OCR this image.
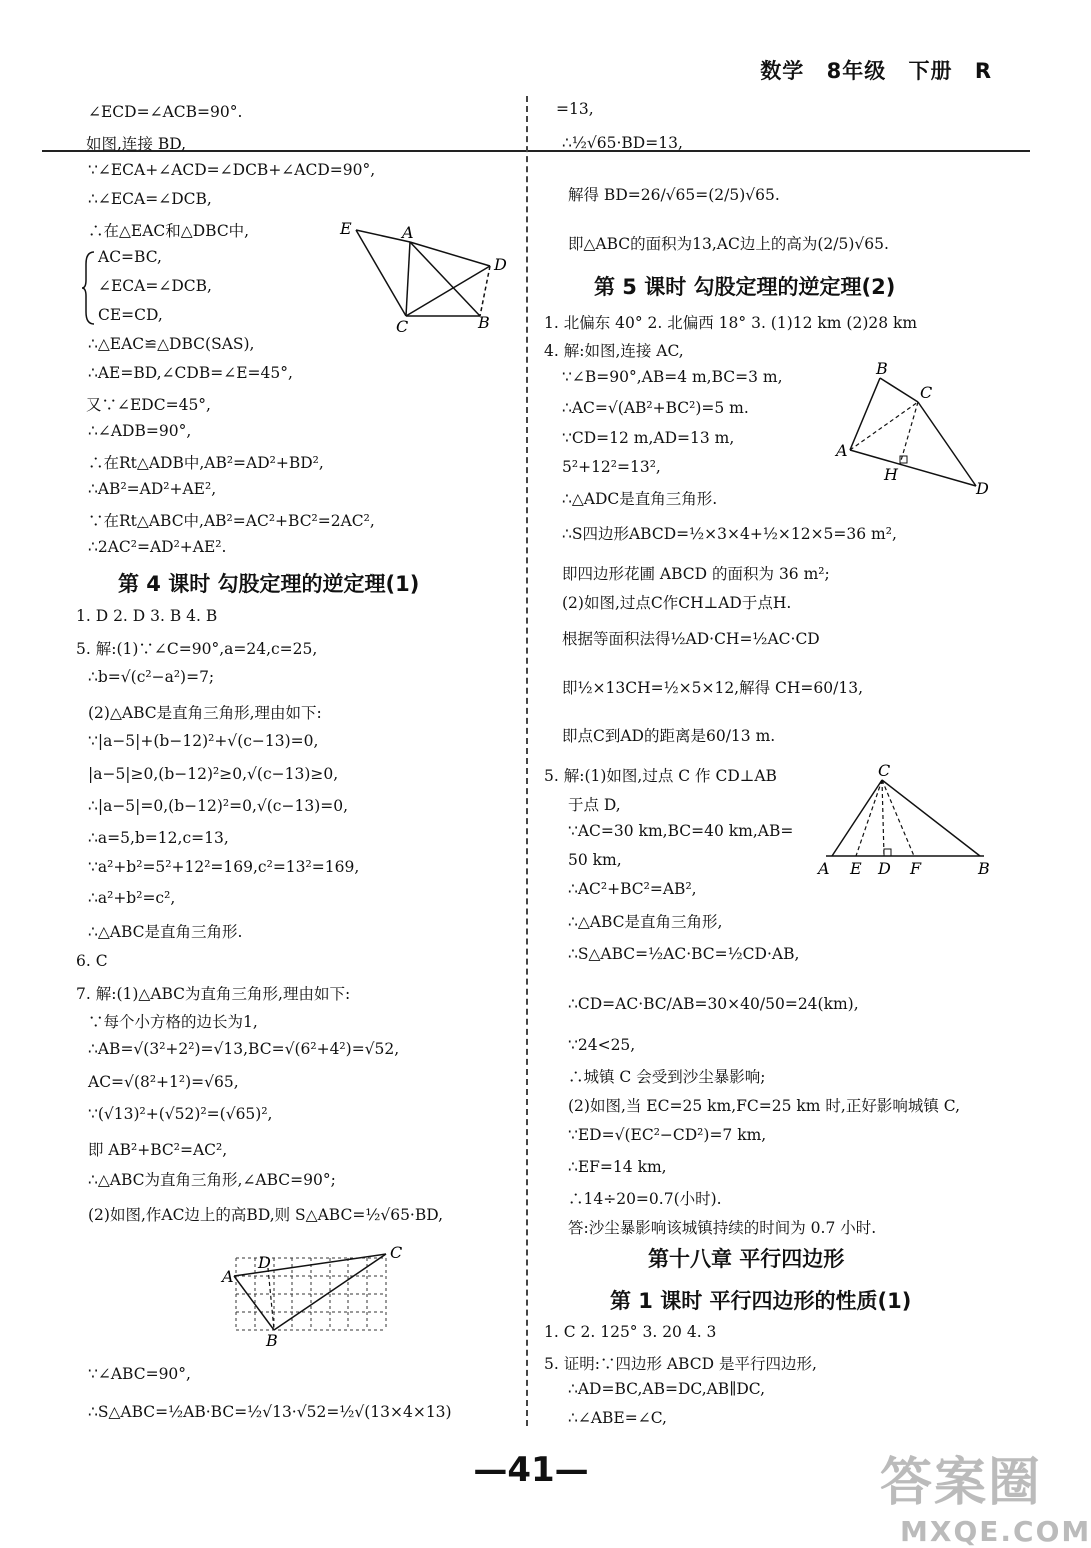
数学 8年级 下册 R
∠ECD=∠ACB=90°.
如图,连接 BD,
∵∠ECA+∠ACD=∠DCB+∠ACD=90°,
∴∠ECA=∠DCB,
∴在△EAC和△DBC中,
AC=BC,
∠ECA=∠DCB,
CE=CD,
∴△EAC≌△DBC(SAS),
∴AE=BD,∠CDB=∠E=45°,
又∵∠EDC=45°,
∴∠ADB=90°,
∴在Rt△ADB中,AB²=AD²+BD²,
∴AB²=AD²+AE²,
∵在Rt△ABC中,AB²=AC²+BC²=2AC²,
∴2AC²=AD²+AE².
第 4 课时 勾股定理的逆定理(1)
1. D 2. D 3. B 4. B
5. 解:(1)∵∠C=90°,a=24,c=25,
∴b=√(c²−a²)=7;
(2)△ABC是直角三角形,理由如下:
∵|a−5|+(b−12)²+√(c−13)=0,
|a−5|≥0,(b−12)²≥0,√(c−13)≥0,
∴|a−5|=0,(b−12)²=0,√(c−13)=0,
∴a=5,b=12,c=13,
∵a²+b²=5²+12²=169,c²=13²=169,
∴a²+b²=c²,
∴△ABC是直角三角形.
6. C
7. 解:(1)△ABC为直角三角形,理由如下:
∵每个小方格的边长为1,
∴AB=√(3²+2²)=√13,BC=√(6²+4²)=√52,
AC=√(8²+1²)=√65,
∵(√13)²+(√52)²=(√65)²,
即 AB²+BC²=AC²,
∴△ABC为直角三角形,∠ABC=90°;
(2)如图,作AC边上的高BD,则 S△ABC=½√65·BD,
∵∠ABC=90°,
∴S△ABC=½AB·BC=½√13·√52=½√(13×4×13)
E	A
D
C	B
A
D
C
B
=13,
∴½√65·BD=13,
解得 BD=26/√65=(2/5)√65.
即△ABC的面积为13,AC边上的高为(2/5)√65.
第 5 课时 勾股定理的逆定理(2)
1. 北偏东 40° 2. 北偏西 18° 3. (1)12 km (2)28 km
4. 解:如图,连接 AC,
∵∠B=90°,AB=4 m,BC=3 m,
∴AC=√(AB²+BC²)=5 m.
∵CD=12 m,AD=13 m,
5²+12²=13²,
∴△ADC是直角三角形.
∴S四边形ABCD=½×3×4+½×12×5=36 m²,
即四边形花圃 ABCD 的面积为 36 m²;
(2)如图,过点C作CH⊥AD于点H.
根据等面积法得½AD·CH=½AC·CD
即½×13CH=½×5×12,解得 CH=60/13,
即点C到AD的距离是60/13 m.
5. 解:(1)如图,过点 C 作 CD⊥AB
于点 D,
∵AC=30 km,BC=40 km,AB=
50 km,
∴AC²+BC²=AB²,
∴△ABC是直角三角形,
∴S△ABC=½AC·BC=½CD·AB,
∴CD=AC·BC/AB=30×40/50=24(km),
∵24<25,
∴城镇 C 会受到沙尘暴影响;
(2)如图,当 EC=25 km,FC=25 km 时,正好影响城镇 C,
∵ED=√(EC²−CD²)=7 km,
∴EF=14 km,
∴14÷20=0.7(小时).
答:沙尘暴影响该城镇持续的时间为 0.7 小时.
第十八章 平行四边形
第 1 课时 平行四边形的性质(1)
1. C 2. 125° 3. 20 4. 3
5. 证明:∵四边形 ABCD 是平行四边形,
∴AD=BC,AB=DC,AB∥DC,
∴∠ABE=∠C,
B
C
A
H
D
C
A E D F	B
—41—	答案圈
MXQE.COM
